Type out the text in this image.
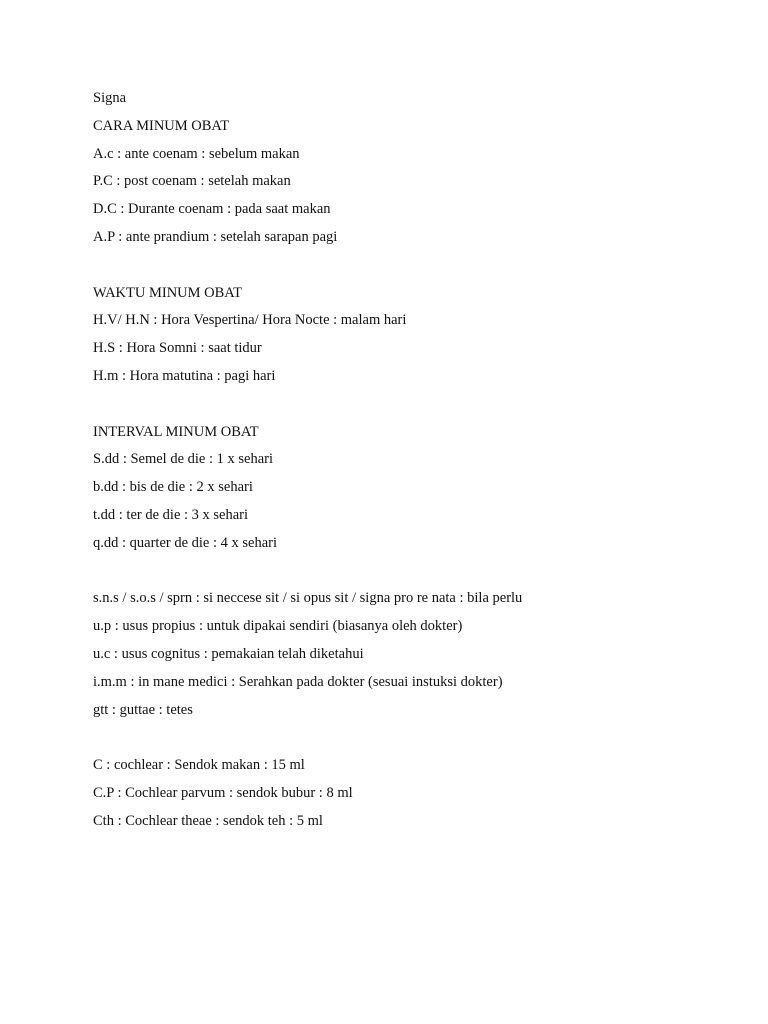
Signa
CARA MINUM OBAT
A.c : ante coenam : sebelum makan
P.C : post coenam : setelah makan
D.C : Durante coenam : pada saat makan
A.P : ante prandium : setelah sarapan pagi
WAKTU MINUM OBAT
H.V/ H.N : Hora Vespertina/ Hora Nocte : malam hari
H.S : Hora Somni : saat tidur
H.m : Hora matutina : pagi hari
INTERVAL MINUM OBAT
S.dd : Semel de die : 1 x sehari
b.dd : bis de die : 2 x sehari
t.dd : ter de die : 3 x sehari
q.dd : quarter de die : 4 x sehari
s.n.s / s.o.s / sprn : si neccese sit / si opus sit / signa pro re nata : bila perlu
u.p : usus propius : untuk dipakai sendiri (biasanya oleh dokter)
u.c : usus cognitus : pemakaian telah diketahui
i.m.m : in mane medici : Serahkan pada dokter (sesuai instuksi dokter)
gtt : guttae : tetes
C : cochlear : Sendok makan : 15 ml
C.P : Cochlear parvum : sendok bubur : 8 ml
Cth : Cochlear theae : sendok teh : 5 ml
